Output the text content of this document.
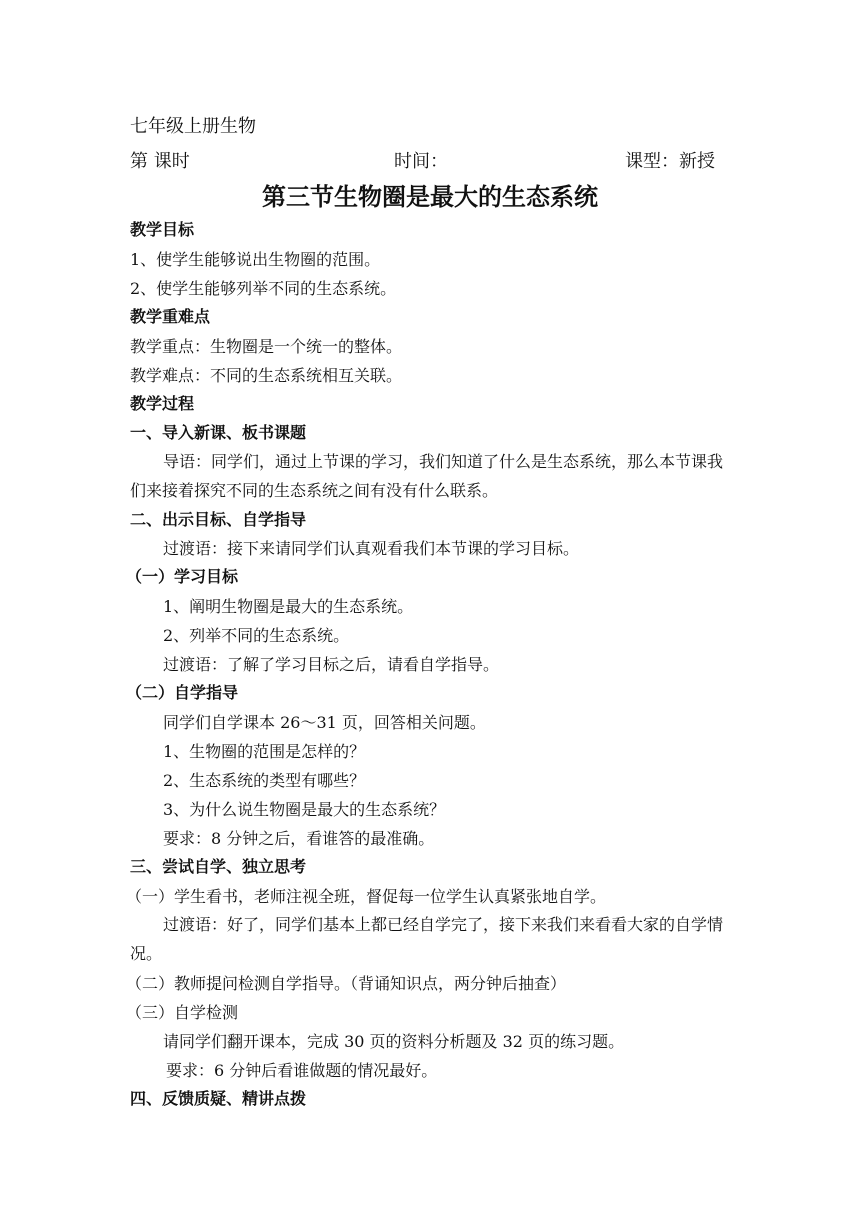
七年级上册生物
第 课时	时间：	课型：新授
第三节生物圈是最大的生态系统
教学目标
1、使学生能够说出生物圈的范围。
2、使学生能够列举不同的生态系统。
教学重难点
教学重点：生物圈是一个统一的整体。
教学难点：不同的生态系统相互关联。
教学过程
一、导入新课、板书课题
导语：同学们，通过上节课的学习，我们知道了什么是生态系统，那么本节课我们来接着探究不同的生态系统之间有没有什么联系。
二、出示目标、自学指导
过渡语：接下来请同学们认真观看我们本节课的学习目标。
（一）学习目标
1、阐明生物圈是最大的生态系统。
2、列举不同的生态系统。
过渡语：了解了学习目标之后，请看自学指导。
（二）自学指导
同学们自学课本 26～31 页，回答相关问题。
1、生物圈的范围是怎样的？
2、生态系统的类型有哪些？
3、为什么说生物圈是最大的生态系统？
要求：8 分钟之后，看谁答的最准确。
三、尝试自学、独立思考
（一）学生看书，老师注视全班，督促每一位学生认真紧张地自学。
过渡语：好了，同学们基本上都已经自学完了，接下来我们来看看大家的自学情况。
（二）教师提问检测自学指导。（背诵知识点，两分钟后抽查）
（三）自学检测
请同学们翻开课本，完成 30 页的资料分析题及 32 页的练习题。
要求：6 分钟后看谁做题的情况最好。
四、反馈质疑、精讲点拨
